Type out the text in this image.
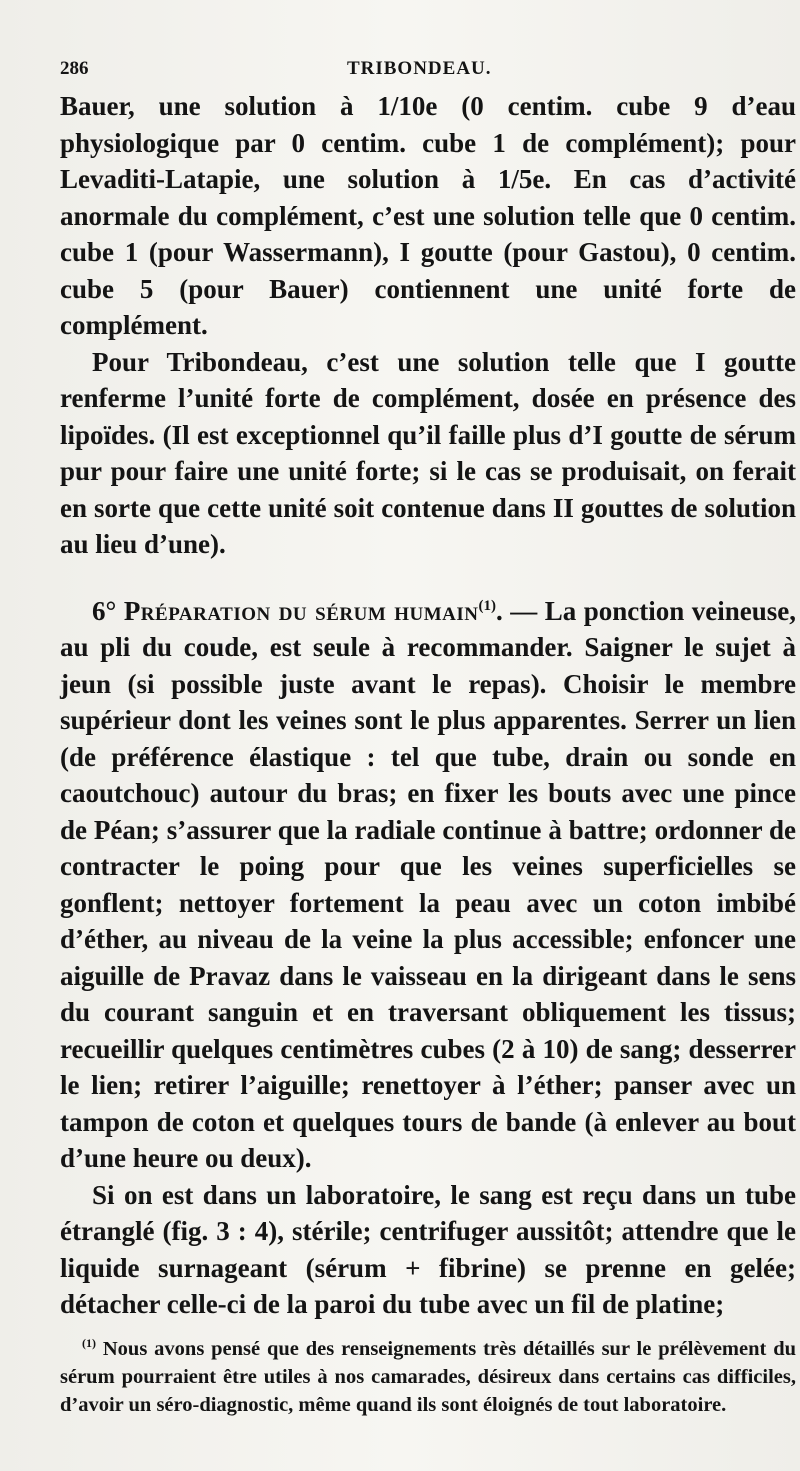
286	TRIBONDEAU.

Bauer, une solution à 1/10e (0 centim. cube 9 d’eau physiologique par 0 centim. cube 1 de complément); pour Levaditi-Latapie, une solution à 1/5e. En cas d’activité anormale du complément, c’est une solution telle que 0 centim. cube 1 (pour Wassermann), I goutte (pour Gastou), 0 centim. cube 5 (pour Bauer) contiennent une unité forte de complément.

Pour Tribondeau, c’est une solution telle que I goutte renferme l’unité forte de complément, dosée en présence des lipoïdes. (Il est exceptionnel qu’il faille plus d’I goutte de sérum pur pour faire une unité forte; si le cas se produisait, on ferait en sorte que cette unité soit contenue dans II gouttes de solution au lieu d’une).

6° Préparation du sérum humain$^{(1)}$. — La ponction veineuse, au pli du coude, est seule à recommander. Saigner le sujet à jeun (si possible juste avant le repas). Choisir le membre supérieur dont les veines sont le plus apparentes. Serrer un lien (de préférence élastique : tel que tube, drain ou sonde en caoutchouc) autour du bras; en fixer les bouts avec une pince de Péan; s’assurer que la radiale continue à battre; ordonner de contracter le poing pour que les veines superficielles se gonflent; nettoyer fortement la peau avec un coton imbibé d’éther, au niveau de la veine la plus accessible; enfoncer une aiguille de Pravaz dans le vaisseau en la dirigeant dans le sens du courant sanguin et en traversant obliquement les tissus; recueillir quelques centimètres cubes (2 à 10) de sang; desserrer le lien; retirer l’aiguille; renettoyer à l’éther; panser avec un tampon de coton et quelques tours de bande (à enlever au bout d’une heure ou deux).

Si on est dans un laboratoire, le sang est reçu dans un tube étranglé (fig. 3 : 4), stérile; centrifuger aussitôt; attendre que le liquide surnageant (sérum + fibrine) se prenne en gelée; détacher celle-ci de la paroi du tube avec un fil de platine;

$^{(1)}$ Nous avons pensé que des renseignements très détaillés sur le prélèvement du sérum pourraient être utiles à nos camarades, désireux dans certains cas difficiles, d’avoir un séro-diagnostic, même quand ils sont éloignés de tout laboratoire.
